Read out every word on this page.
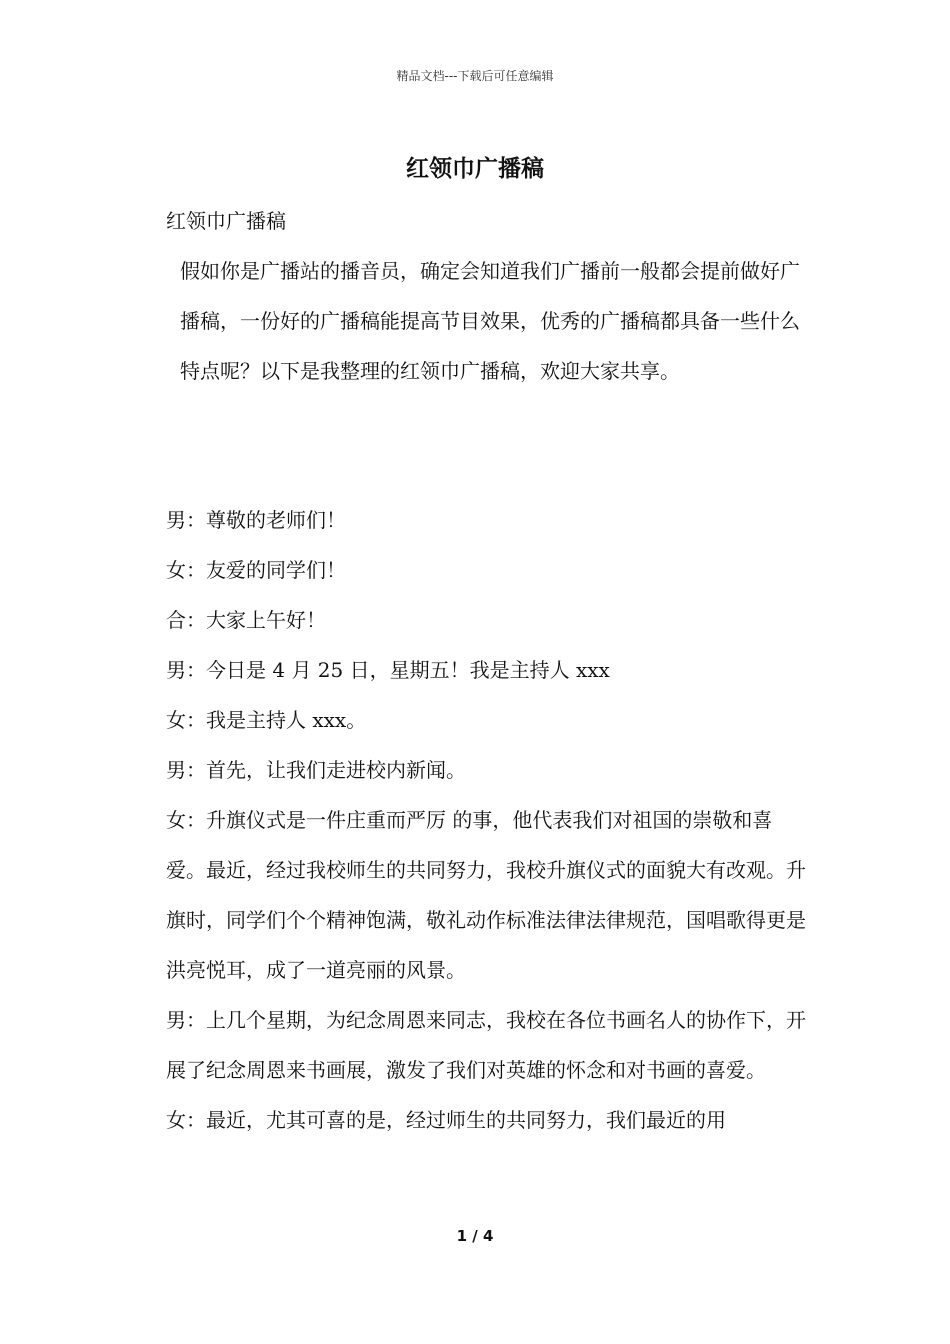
精品文档---下载后可任意编辑
红领巾广播稿

红领巾广播稿

假如你是广播站的播音员，确定会知道我们广播前一般都会提前做好广播稿，一份好的广播稿能提高节目效果，优秀的广播稿都具备一些什么特点呢？以下是我整理的红领巾广播稿，欢迎大家共享。

男：尊敬的老师们！

女：友爱的同学们！

合：大家上午好！

男：今日是 4 月 25 日，星期五！我是主持人 xxx

女：我是主持人 xxx。

男：首先，让我们走进校内新闻。

女：升旗仪式是一件庄重而严厉 的事，他代表我们对祖国的崇敬和喜爱。最近，经过我校师生的共同努力，我校升旗仪式的面貌大有改观。升旗时，同学们个个精神饱满，敬礼动作标准法律法律规范，国唱歌得更是洪亮悦耳，成了一道亮丽的风景。

男：上几个星期，为纪念周恩来同志，我校在各位书画名人的协作下，开展了纪念周恩来书画展，激发了我们对英雄的怀念和对书画的喜爱。

女：最近，尤其可喜的是，经过师生的共同努力，我们最近的用

1 / 4
